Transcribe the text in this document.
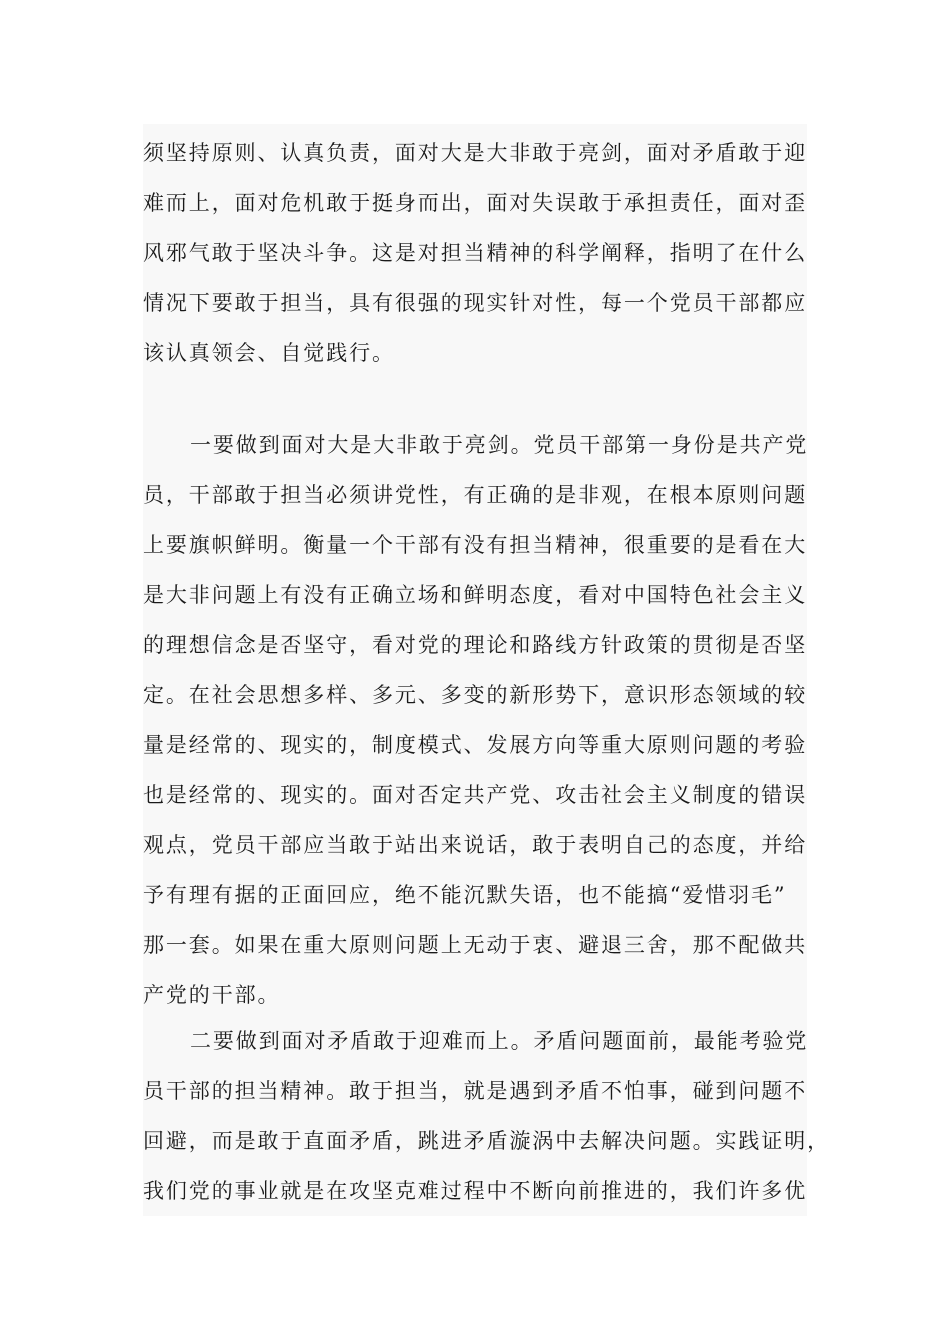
须坚持原则、认真负责，面对大是大非敢于亮剑，面对矛盾敢于迎
难而上，面对危机敢于挺身而出，面对失误敢于承担责任，面对歪
风邪气敢于坚决斗争。这是对担当精神的科学阐释，指明了在什么
情况下要敢于担当，具有很强的现实针对性，每一个党员干部都应
该认真领会、自觉践行。
一要做到面对大是大非敢于亮剑。党员干部第一身份是共产党
员，干部敢于担当必须讲党性，有正确的是非观，在根本原则问题
上要旗帜鲜明。衡量一个干部有没有担当精神，很重要的是看在大
是大非问题上有没有正确立场和鲜明态度，看对中国特色社会主义
的理想信念是否坚守，看对党的理论和路线方针政策的贯彻是否坚
定。在社会思想多样、多元、多变的新形势下，意识形态领域的较
量是经常的、现实的，制度模式、发展方向等重大原则问题的考验
也是经常的、现实的。面对否定共产党、攻击社会主义制度的错误
观点，党员干部应当敢于站出来说话，敢于表明自己的态度，并给
予有理有据的正面回应，绝不能沉默失语，也不能搞“爱惜羽毛”
那一套。如果在重大原则问题上无动于衷、避退三舍，那不配做共
产党的干部。
二要做到面对矛盾敢于迎难而上。矛盾问题面前，最能考验党
员干部的担当精神。敢于担当，就是遇到矛盾不怕事，碰到问题不
回避，而是敢于直面矛盾，跳进矛盾漩涡中去解决问题。实践证明，
我们党的事业就是在攻坚克难过程中不断向前推进的，我们许多优
